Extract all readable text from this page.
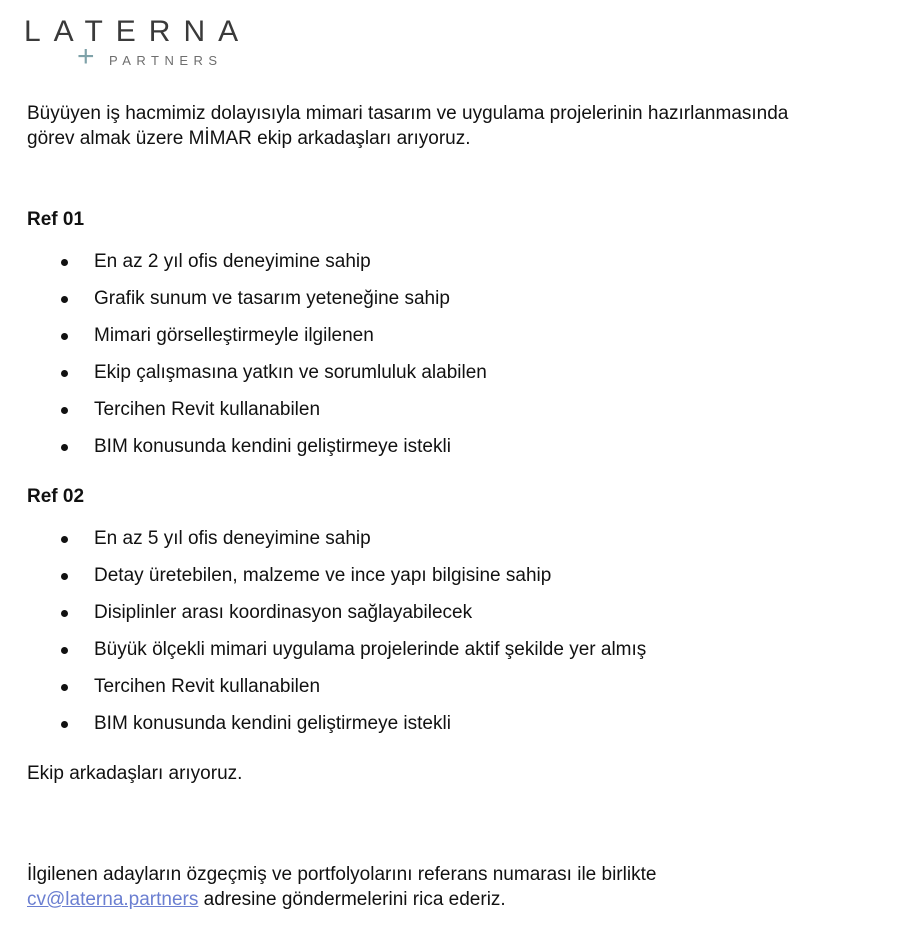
LATERNA
+ PARTNERS

Büyüyen iş hacmimiz dolayısıyla mimari tasarım ve uygulama projelerinin hazırlanmasında
görev almak üzere MİMAR ekip arkadaşları arıyoruz.

Ref 01
En az 2 yıl ofis deneyimine sahip
Grafik sunum ve tasarım yeteneğine sahip
Mimari görselleştirmeyle ilgilenen
Ekip çalışmasına yatkın ve sorumluluk alabilen
Tercihen Revit kullanabilen
BIM konusunda kendini geliştirmeye istekli
Ref 02
En az 5 yıl ofis deneyimine sahip
Detay üretebilen, malzeme ve ince yapı bilgisine sahip
Disiplinler arası koordinasyon sağlayabilecek
Büyük ölçekli mimari uygulama projelerinde aktif şekilde yer almış
Tercihen Revit kullanabilen
BIM konusunda kendini geliştirmeye istekli

Ekip arkadaşları arıyoruz.

İlgilenen adayların özgeçmiş ve portfolyolarını referans numarası ile birlikte
cv@laterna.partners adresine göndermelerini rica ederiz.
